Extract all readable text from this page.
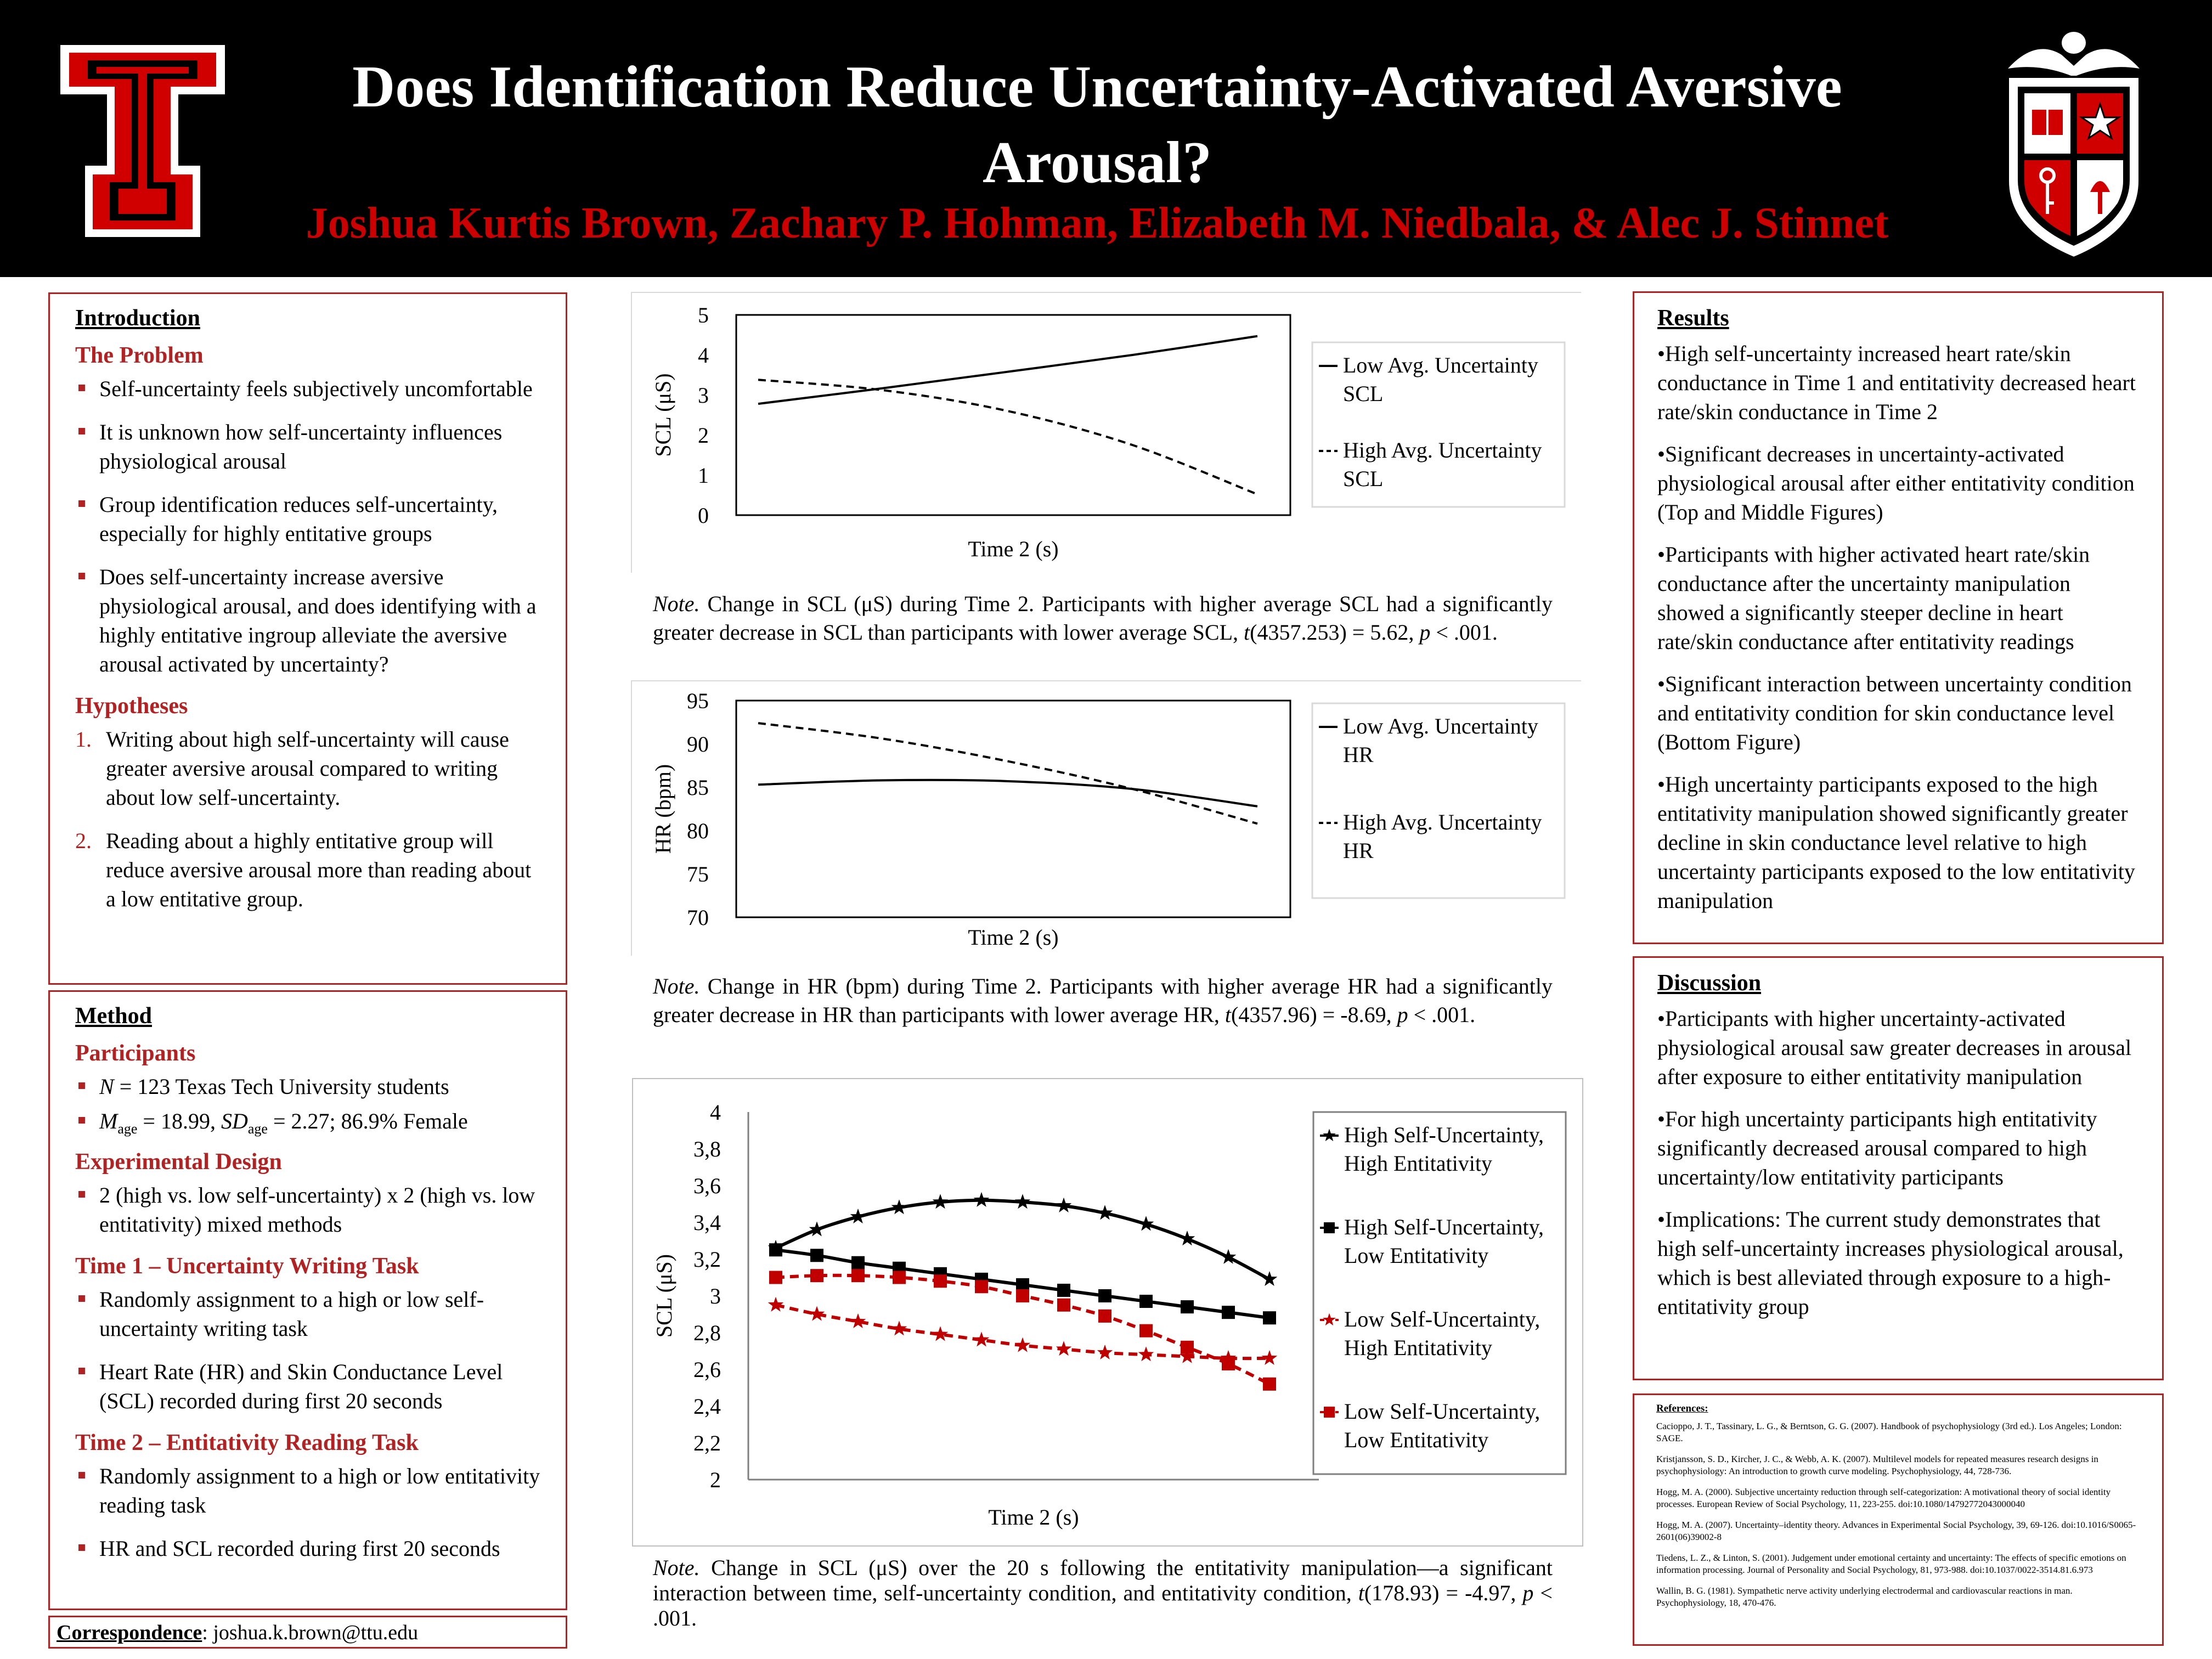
Does Identification Reduce Uncertainty-Activated Aversive
Arousal?
Joshua Kurtis Brown, Zachary P. Hohman, Elizabeth M. Niedbala, & Alec J. Stinnet
Introduction
The Problem
Self-uncertainty feels subjectively uncomfortable
It is unknown how self-uncertainty influences physiological arousal
Group identification reduces self-uncertainty, especially for highly entitative groups
Does self-uncertainty increase aversive physiological arousal, and does identifying with a highly entitative ingroup alleviate the aversive arousal activated by uncertainty?
Hypotheses
1. Writing about high self-uncertainty will cause greater aversive arousal compared to writing about low self-uncertainty.
2. Reading about a highly entitative group will reduce aversive arousal more than reading about a low entitative group.
Method
Participants
N = 123 Texas Tech University students
$M_{age} = 18.99$, $SD_{age} = 2.27$; 86.9% Female
Experimental Design
2 (high vs. low self-uncertainty) x 2 (high vs. low entitativity) mixed methods
Time 1 – Uncertainty Writing Task
Randomly assignment to a high or low self-uncertainty writing task
Heart Rate (HR) and Skin Conductance Level (SCL) recorded during first 20 seconds
Time 2 – Entitativity Reading Task
Randomly assignment to a high or low entitativity reading task
HR and SCL recorded during first 20 seconds
Correspondence: joshua.k.brown@ttu.edu
0
1
2
3
4
5
SCL (μS)
Time 2 (s)
Low Avg. Uncertainty
SCL
High Avg. Uncertainty
SCL
Note. Change in SCL (μS) during Time 2. Participants with higher average SCL had a significantly greater decrease in SCL than participants with lower average SCL, t(4357.253) = 5.62, p < .001.
70
75
80
85
90
95
HR (bpm)
Time 2 (s)
Low Avg. Uncertainty
HR
High Avg. Uncertainty
HR
Note. Change in HR (bpm) during Time 2. Participants with higher average HR had a significantly greater decrease in HR than participants with lower average HR, t(4357.96) = -8.69, p < .001.
2
2,2
2,4
2,6
2,8
3
3,2
3,4
3,6
3,8
4
SCL (μS)
Time 2 (s)
High Self-Uncertainty,
High Entitativity
High Self-Uncertainty,
Low Entitativity
Low Self-Uncertainty,
High Entitativity
Low Self-Uncertainty,
Low Entitativity
Note. Change in SCL (μS) over the 20 s following the entitativity manipulation—a significant interaction between time, self-uncertainty condition, and entitativity condition, t(178.93) = -4.97, p < .001.
Results
•High self-uncertainty increased heart rate/skin conductance in Time 1 and entitativity decreased heart rate/skin conductance in Time 2
•Significant decreases in uncertainty-activated physiological arousal after either entitativity condition (Top and Middle Figures)
•Participants with higher activated heart rate/skin conductance after the uncertainty manipulation showed a significantly steeper decline in heart rate/skin conductance after entitativity readings
•Significant interaction between uncertainty condition and entitativity condition for skin conductance level (Bottom Figure)
•High uncertainty participants exposed to the high entitativity manipulation showed significantly greater decline in skin conductance level relative to high uncertainty participants exposed to the low entitativity manipulation
Discussion
•Participants with higher uncertainty-activated physiological arousal saw greater decreases in arousal after exposure to either entitativity manipulation
•For high uncertainty participants high entitativity significantly decreased arousal compared to high uncertainty/low entitativity participants
•Implications: The current study demonstrates that high self-uncertainty increases physiological arousal, which is best alleviated through exposure to a high-entitativity group
References:
Cacioppo, J. T., Tassinary, L. G., & Berntson, G. G. (2007). Handbook of psychophysiology (3rd ed.). Los Angeles; London: SAGE.
Kristjansson, S. D., Kircher, J. C., & Webb, A. K. (2007). Multilevel models for repeated measures research designs in psychophysiology: An introduction to growth curve modeling. Psychophysiology, 44, 728-736.
Hogg, M. A. (2000). Subjective uncertainty reduction through self-categorization: A motivational theory of social identity processes. European Review of Social Psychology, 11, 223-255. doi:10.1080/14792772043000040
Hogg, M. A. (2007). Uncertainty–identity theory. Advances in Experimental Social Psychology, 39, 69-126. doi:10.1016/S0065-2601(06)39002-8
Tiedens, L. Z., & Linton, S. (2001). Judgement under emotional certainty and uncertainty: The effects of specific emotions on information processing. Journal of Personality and Social Psychology, 81, 973-988. doi:10.1037/0022-3514.81.6.973
Wallin, B. G. (1981). Sympathetic nerve activity underlying electrodermal and cardiovascular reactions in man. Psychophysiology, 18, 470-476.
